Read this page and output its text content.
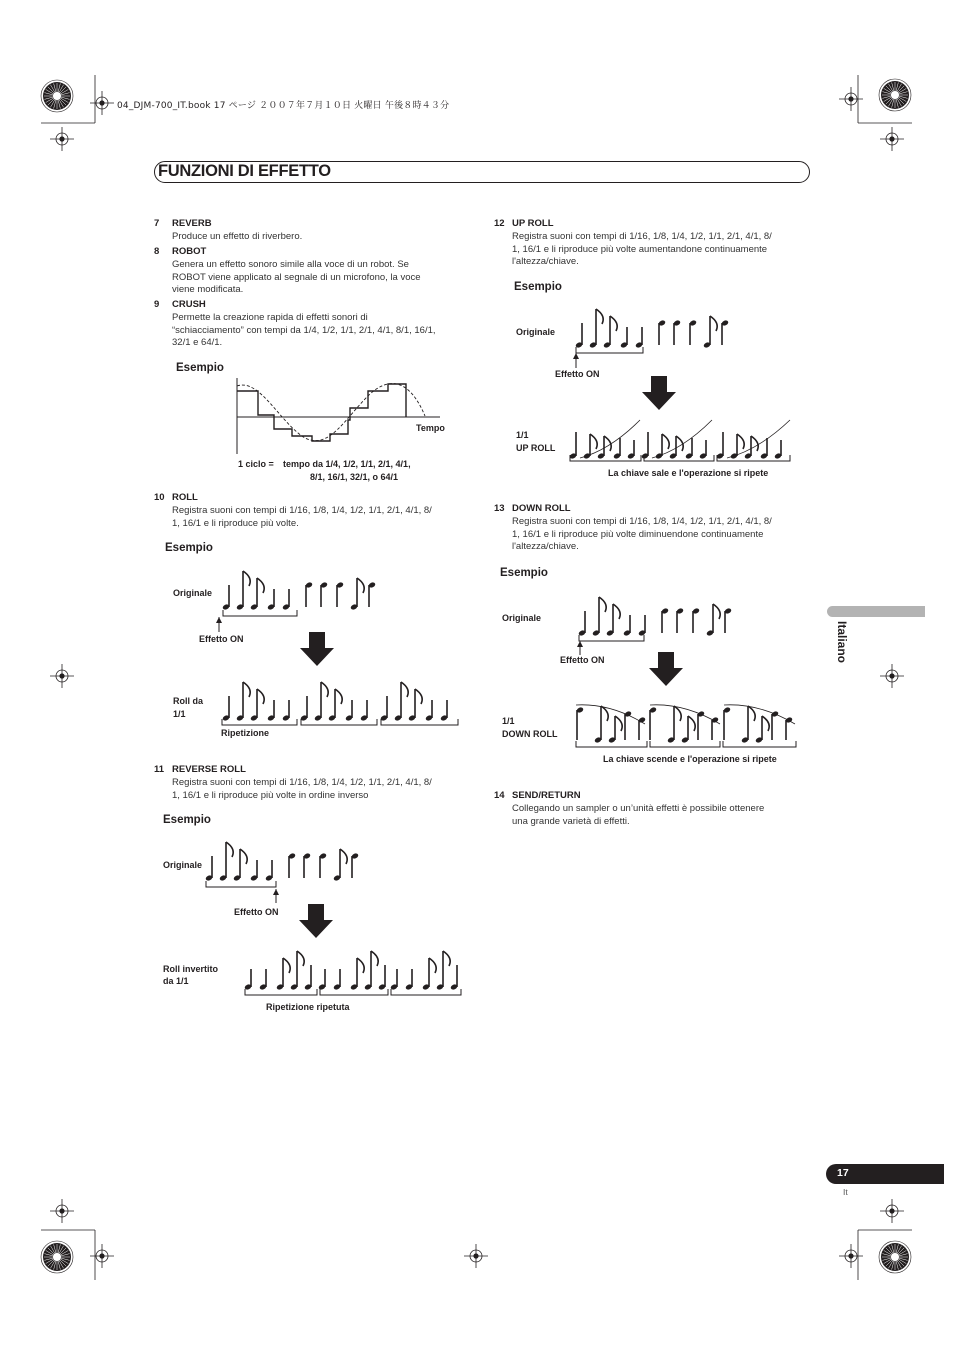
04_DJM-700_IT.book 17 ページ ２００７年７月１０日 火曜日 午後８時４３分
FUNZIONI DI EFFETTO
7 REVERB
Produce un effetto di riverbero.
8 ROBOT
Genera un effetto sonoro simile alla voce di un robot. Se
ROBOT viene applicato al segnale di un microfono, la voce
viene modificata.
9 CRUSH
Permette la creazione rapida di effetti sonori di
“schiacciamento” con tempi da 1/4, 1/2, 1/1, 2/1, 4/1, 8/1, 16/1,
32/1 e 64/1.
10 ROLL
Registra suoni con tempi di 1/16, 1/8, 1/4, 1/2, 1/1, 2/1, 4/1, 8/
1, 16/1 e li riproduce più volte.
11 REVERSE ROLL
Registra suoni con tempi di 1/16, 1/8, 1/4, 1/2, 1/1, 2/1, 4/1, 8/
1, 16/1 e li riproduce più volte in ordine inverso
12 UP ROLL
Registra suoni con tempi di 1/16, 1/8, 1/4, 1/2, 1/1, 2/1, 4/1, 8/
1, 16/1 e li riproduce più volte aumentandone continuamente
l'altezza/chiave.
13 DOWN ROLL
Registra suoni con tempi di 1/16, 1/8, 1/4, 1/2, 1/1, 2/1, 4/1, 8/
1, 16/1 e li riproduce più volte diminuendone continuamente
l'altezza/chiave.
14 SEND/RETURN
Collegando un sampler o un’unità effetti è possibile ottenere
una grande varietà di effetti.
Esempio
Esempio
Esempio
Esempio
Esempio
Tempo
1 ciclo = tempo da 1/4, 1/2, 1/1, 2/1, 4/1,
8/1, 16/1, 32/1, o 64/1
Originale
Effetto ON
Roll da
1/1
Ripetizione
Originale
Effetto ON
Roll invertito
da 1/1
Ripetizione ripetuta
Originale
Effetto ON
1/1
UP ROLL
La chiave sale e l'operazione si ripete
Originale
Effetto ON
1/1
DOWN ROLL
La chiave scende e l'operazione si ripete
Italiano
17
It
